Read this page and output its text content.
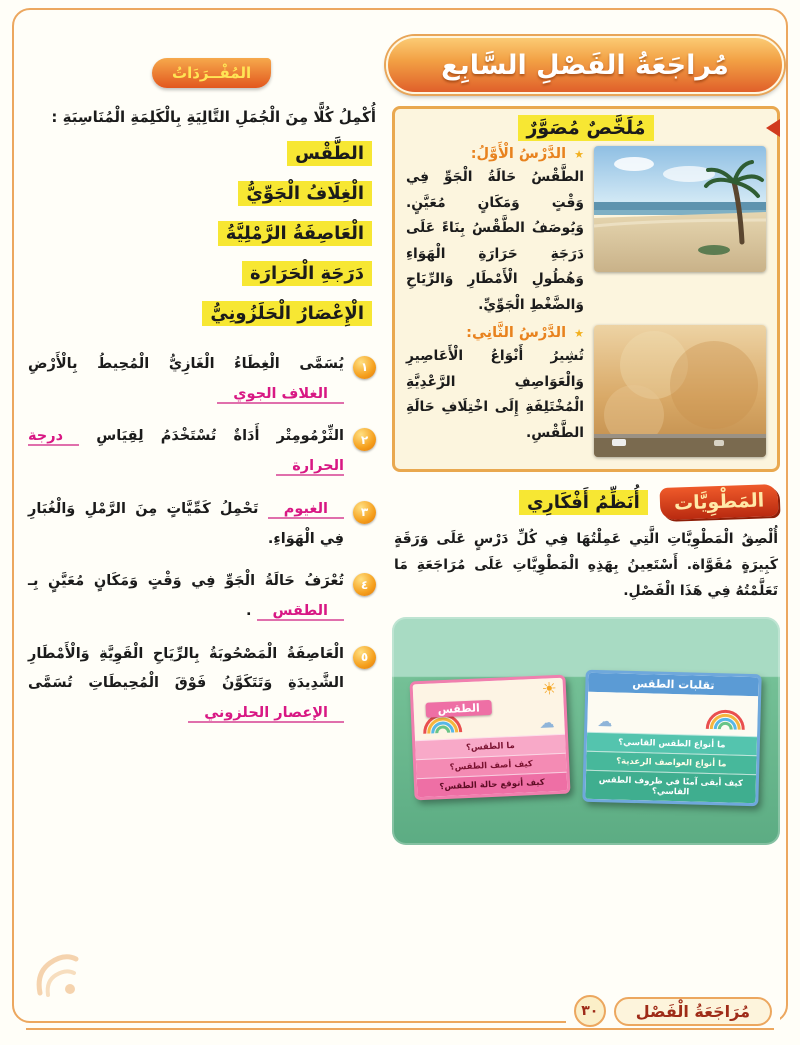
مُراجَعَةُ الفَصْلِ السَّابِع
المُفْــرَدَاتُ
أُكْمِلُ كُلًّا مِنَ الْجُمَلِ التَّالِيَةِ بِالْكَلِمَةِ الْمُنَاسِبَةِ :
الطَّقْس
الْغِلَافُ الْجَوِّيُّ
الْعَاصِفَةُ الرَّمْلِيَّةُ
دَرَجَةِ الْحَرَارَة
الْإِعْصَارُ الْحَلَزُونِيُّ
١
يُسَمَّى الْغِطَاءُ الْغَازِيُّ الْمُحِيطُ بِالْأَرْضِ الغلاف الجوي
٢
الثِّرْمُومِتْر أَدَاةٌ تُسْتَخْدَمُ لِقِيَاسِ درجة الحرارة
٣
الغيوم تَحْمِلُ كَمِّيَّاتٍ مِنَ الرَّمْلِ وَالْغُبَارِ فِي الْهَوَاءِ.
٤
تُعْرَفُ حَالَةُ الْجَوِّ فِي وَقْتٍ وَمَكَانٍ مُعَيَّنٍ بِـ الطقس .
٥
الْعَاصِفَةُ الْمَصْحُوبَةُ بِالرِّيَاحِ الْقَوِيَّةِ وَالْأَمْطَارِ الشَّدِيدَةِ وَتَتَكَوَّنُ فَوْقَ الْمُحِيطَاتِ تُسَمَّى الإعصار الحلزوني
مُلَخَّصٌ مُصَوَّرٌ
★ الدَّرْسُ الْأَوَّلُ:
الطَّقْسُ حَالَةُ الْجَوِّ فِي وَقْتٍ وَمَكَانٍ مُعَيَّنٍ. وَيُوصَفُ الطَّقْسُ بِنَاءً عَلَى دَرَجَةِ حَرَارَةِ الْهَوَاءِ وَهُطُولِ الْأَمْطَارِ وَالرِّيَاحِ وَالضَّغْطِ الْجَوِّيِّ.
★ الدَّرْسُ الثَّانِي:
تُشِيرُ أَنْوَاعُ الْأَعَاصِيرِ وَالْعَوَاصِفِ الرَّعْدِيَّةِ الْمُخْتَلِفَةِ إِلَى اخْتِلَافِ حَالَةِ الطَّقْسِ.
المَطْوِيَّات
أُنَظِّمُ أَفْكَارِي
أُلْصِقُ الْمَطْوِيَّاتِ الَّتِي عَمِلْتُهَا فِي كُلِّ دَرْسٍ عَلَى وَرَقَةٍ كَبِيرَةٍ مُقَوَّاة. أَسْتَعِينُ بِهَذِهِ الْمَطْوِيَّاتِ عَلَى مُرَاجَعَةِ مَا تَعَلَّمْتُهُ فِي هَذَا الْفَصْلِ.
☀
☁
الطقس
ما الطقس؟
كيف أصف الطقس؟
كيف أتوقع حالة الطقس؟
تقلبات الطقس
☁
ما أنواع الطقس القاسي؟
ما أنواع العواصف الرعدية؟
كيف أبقى آمنًا في ظروف الطقس القاسي؟
مُرَاجَعَةُ الْفَصْل
٣٠
